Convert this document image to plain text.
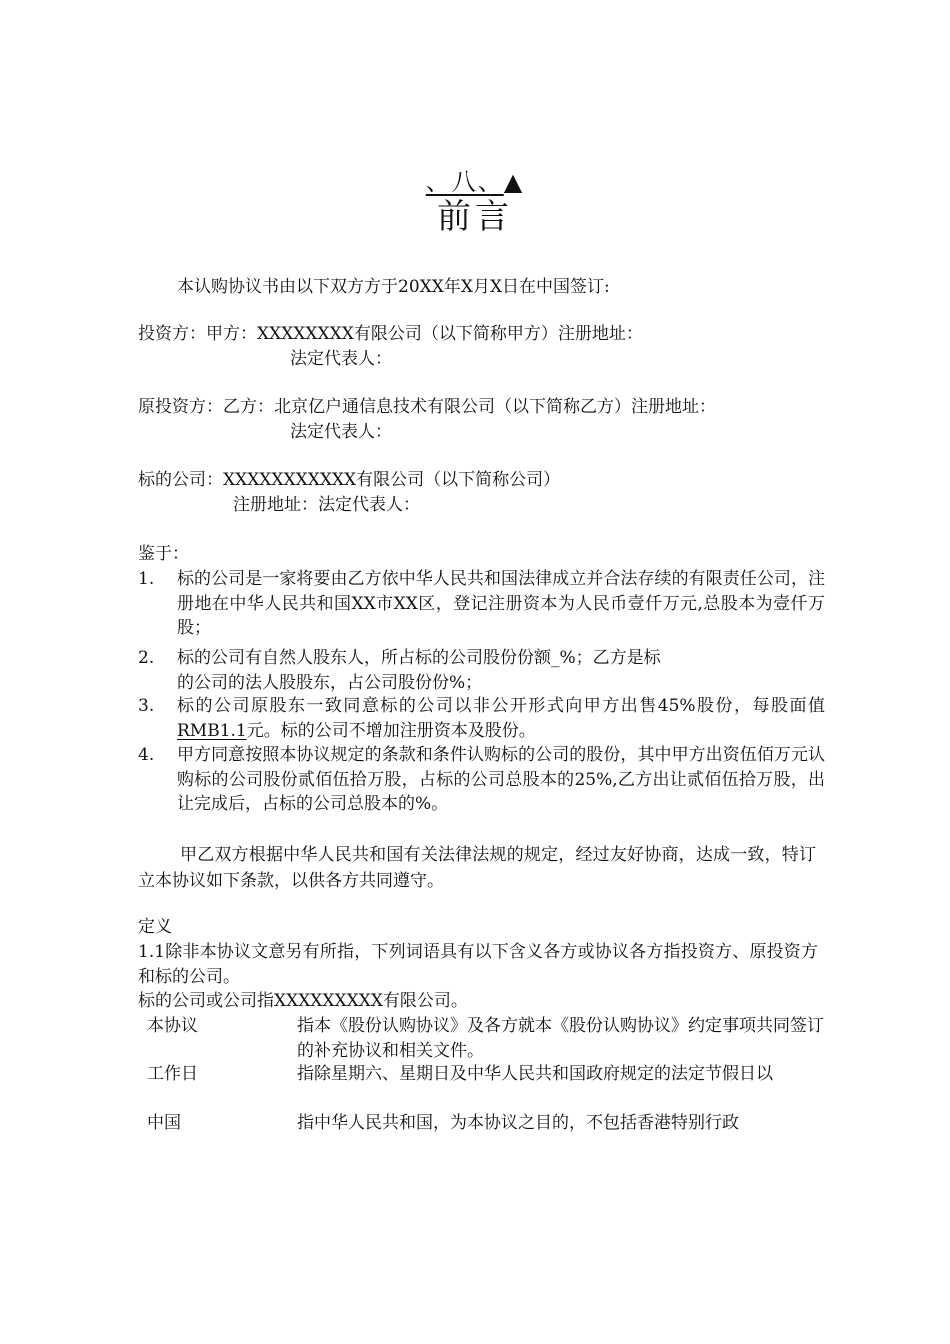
、八、▲
前言
本认购协议书由以下双方方于20XX年X月X日在中国签订:
投资方：甲方：XXXXXXXX有限公司（以下简称甲方）注册地址：
法定代表人：
原投资方：乙方：北京亿户通信息技术有限公司（以下简称乙方）注册地址：
法定代表人：
标的公司：XXXXXXXXXXX有限公司（以下简称公司）
注册地址：法定代表人：
鉴于：
1. 标的公司是一家将要由乙方依中华人民共和国法律成立并合法存续的有限责任公司，注册地在中华人民共和国XX市XX区，登记注册资本为人民币壹仟万元,总股本为壹仟万股；
2. 标的公司有自然人股东人，所占标的公司股份份额_%；乙方是标
的公司的法人股股东，占公司股份份%；
3. 标的公司原股东一致同意标的公司以非公开形式向甲方出售45%股份，每股面值RMB1.1元。标的公司不增加注册资本及股份。
4. 甲方同意按照本协议规定的条款和条件认购标的公司的股份，其中甲方出资伍佰万元认购标的公司股份贰佰伍拾万股，占标的公司总股本的25%,乙方出让贰佰伍拾万股，出让完成后，占标的公司总股本的%。
甲乙双方根据中华人民共和国有关法律法规的规定，经过友好协商，达成一致，特订立本协议如下条款，以供各方共同遵守。
定义
1.1除非本协议文意另有所指，下列词语具有以下含义各方或协议各方指投资方、原投资方和标的公司。
标的公司或公司指XXXXXXXXX有限公司。
本协议	指本《股份认购协议》及各方就本《股份认购协议》约定事项共同签订的补充协议和相关文件。
工作日	指除星期六、星期日及中华人民共和国政府规定的法定节假日以
中国	指中华人民共和国，为本协议之目的，不包括香港特别行政
